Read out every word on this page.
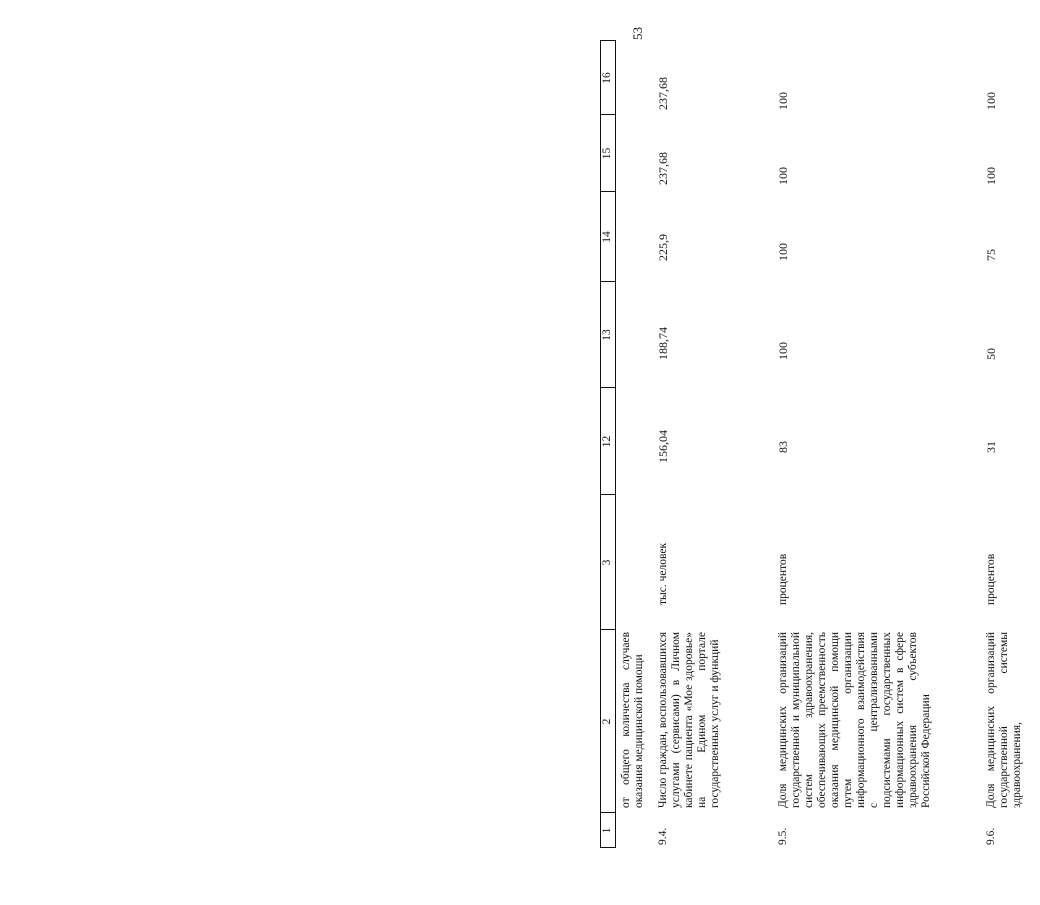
53
1
2
3
12
13
14
15
16
от общего количества случаев оказания медицинской помощи
9.4.
Число граждан, воспользовавшихся услугами (сервисами) в Личном кабинете пациента «Мое здоровье» на Едином портале государственных услуг и функций
тыс. человек
156,04
188,74
225,9
237,68
237,68
9.5.
Доля медицинских организаций государственной и муниципальной систем здравоохранения, обеспечивающих преемственность оказания медицинской помощи путем организации информационного взаимодействия с централизованными подсистемами государственных информационных систем в сфере здравоохранения субъектов Российской Федерации
процентов
83
100
100
100
100
9.6.
Доля медицинских организаций государственной системы здравоохранения,
процентов
31
50
75
100
100
